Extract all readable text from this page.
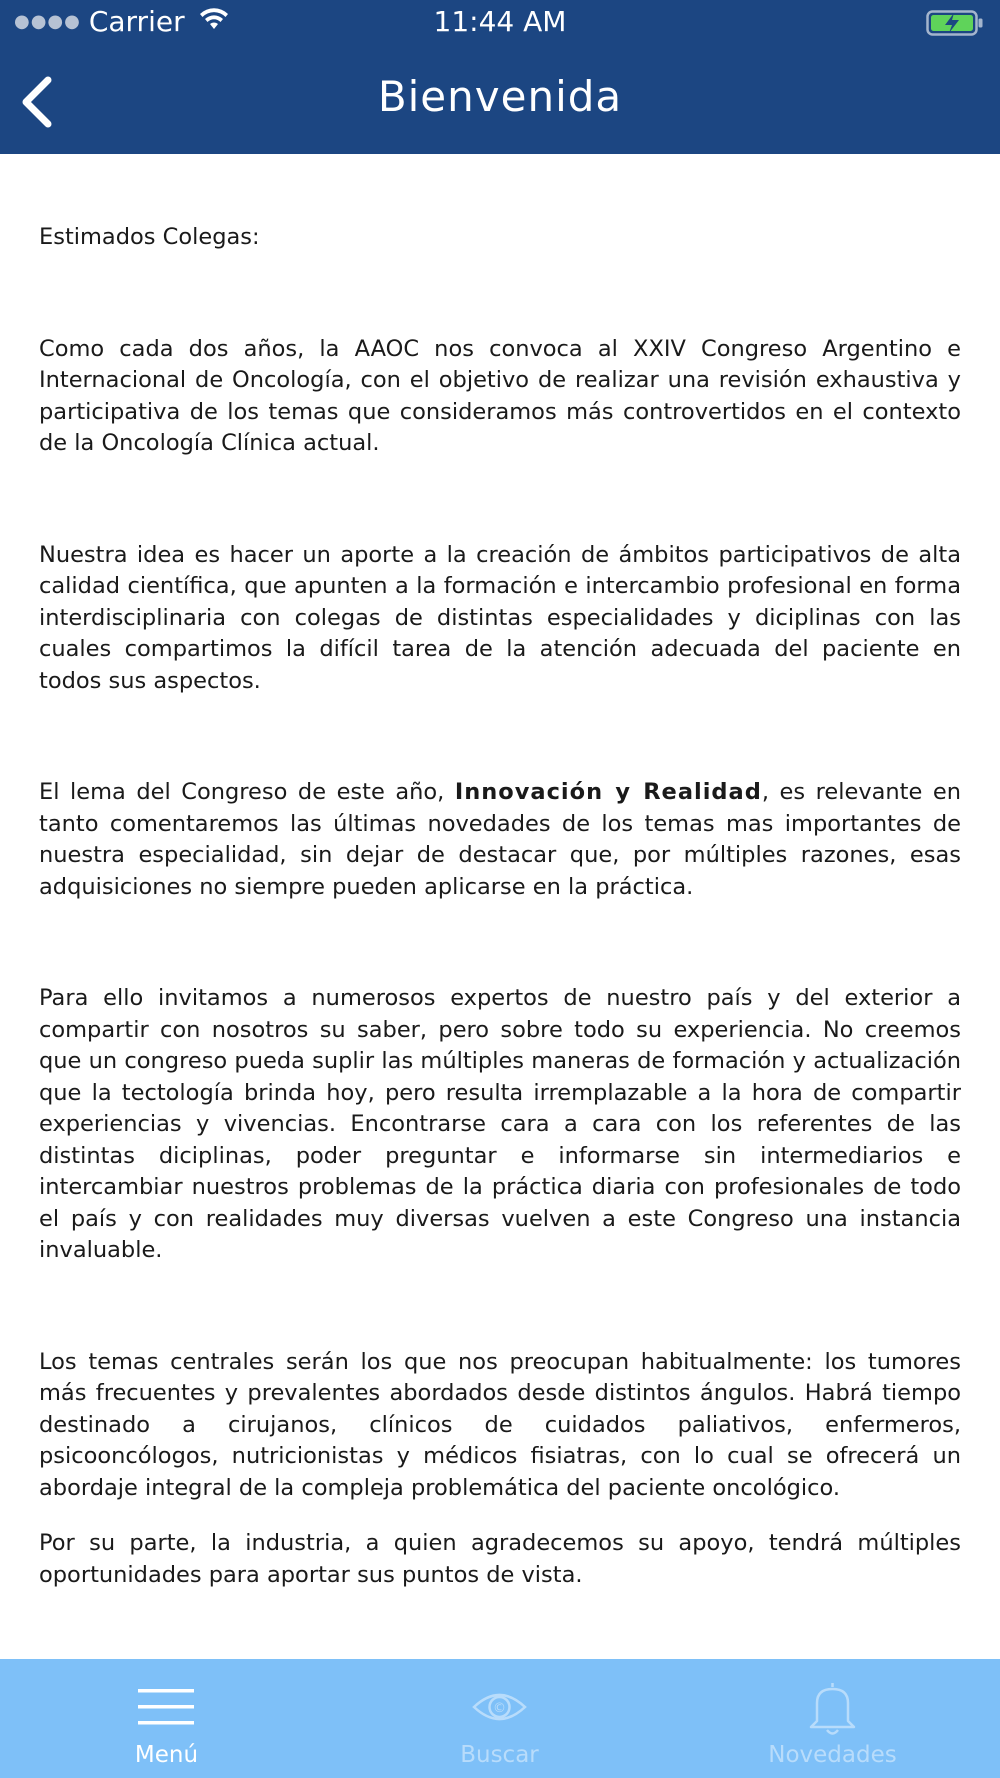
●●●● Carrier	11:44 AM
Bienvenida

Estimados Colegas:

Como cada dos años, la AAOC nos convoca al XXIV Congreso Argentino e Internacional de Oncología, con el objetivo de realizar una revisión exhaustiva y participativa de los temas que consideramos más controvertidos en el contexto de la Oncología Clínica actual.

Nuestra idea es hacer un aporte a la creación de ámbitos participativos de alta calidad científica, que apunten a la formación e intercambio profesional en forma interdisciplinaria con colegas de distintas especialidades y diciplinas con las cuales compartimos la difícil tarea de la atención adecuada del paciente en todos sus aspectos.

El lema del Congreso de este año, Innovación y Realidad, es relevante en tanto comentaremos las últimas novedades de los temas mas importantes de nuestra especialidad, sin dejar de destacar que, por múltiples razones, esas adquisiciones no siempre pueden aplicarse en la práctica.

Para ello invitamos a numerosos expertos de nuestro país y del exterior a compartir con nosotros su saber, pero sobre todo su experiencia. No creemos que un congreso pueda suplir las múltiples maneras de formación y actualización que la tectología brinda hoy, pero resulta irremplazable a la hora de compartir experiencias y vivencias. Encontrarse cara a cara con los referentes de las distintas diciplinas, poder preguntar e informarse sin intermediarios e intercambiar nuestros problemas de la práctica diaria con profesionales de todo el país y con realidades muy diversas vuelven a este Congreso una instancia invaluable.

Los temas centrales serán los que nos preocupan habitualmente: los tumores más frecuentes y prevalentes abordados desde distintos ángulos. Habrá tiempo destinado a cirujanos, clínicos de cuidados paliativos, enfermeros, psicooncólogos, nutricionistas y médicos fisiatras, con lo cual se ofrecerá un abordaje integral de la compleja problemática del paciente oncológico.

Por su parte, la industria, a quien agradecemos su apoyo, tendrá múltiples oportunidades para aportar sus puntos de vista.

Menú
©
Buscar	Novedades
